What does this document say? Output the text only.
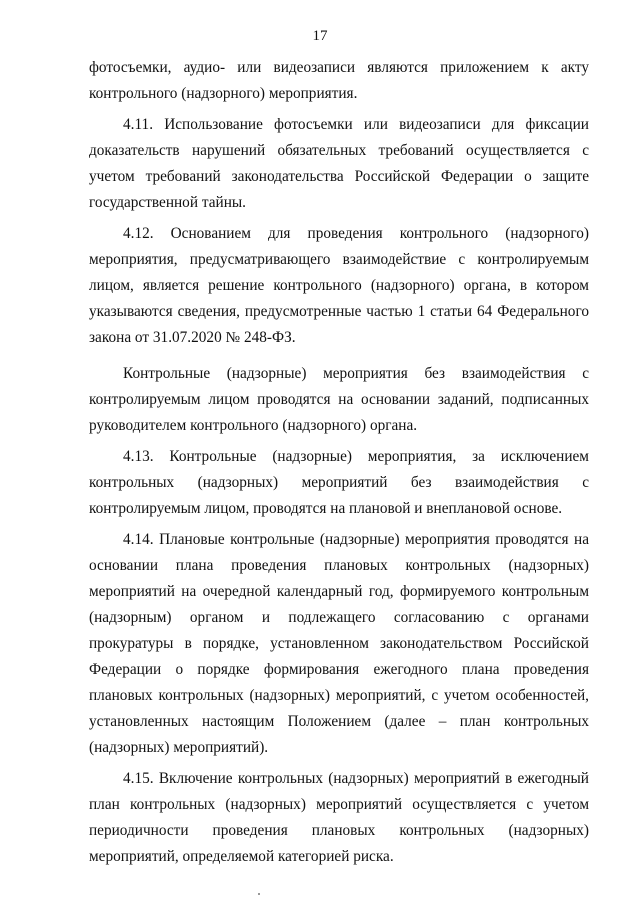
17

фотосъемки, аудио- или видеозаписи являются приложением к акту контрольного (надзорного) мероприятия.

4.11. Использование фотосъемки или видеозаписи для фиксации доказательств нарушений обязательных требований осуществляется с учетом требований законодательства Российской Федерации о защите государственной тайны.

4.12. Основанием для проведения контрольного (надзорного) мероприятия, предусматривающего взаимодействие с контролируемым лицом, является решение контрольного (надзорного) органа, в котором указываются сведения, предусмотренные частью 1 статьи 64 Федерального закона от 31.07.2020 № 248-ФЗ.

Контрольные (надзорные) мероприятия без взаимодействия с контролируемым лицом проводятся на основании заданий, подписанных руководителем контрольного (надзорного) органа.

4.13. Контрольные (надзорные) мероприятия, за исключением контрольных (надзорных) мероприятий без взаимодействия с контролируемым лицом, проводятся на плановой и внеплановой основе.

4.14. Плановые контрольные (надзорные) мероприятия проводятся на основании плана проведения плановых контрольных (надзорных) мероприятий на очередной календарный год, формируемого контрольным (надзорным) органом и подлежащего согласованию с органами прокуратуры в порядке, установленном законодательством Российской Федерации о порядке формирования ежегодного плана проведения плановых контрольных (надзорных) мероприятий, с учетом особенностей, установленных настоящим Положением (далее – план контрольных (надзорных) мероприятий).

4.15. Включение контрольных (надзорных) мероприятий в ежегодный план контрольных (надзорных) мероприятий осуществляется с учетом периодичности проведения плановых контрольных (надзорных) мероприятий, определяемой категорией риска.
